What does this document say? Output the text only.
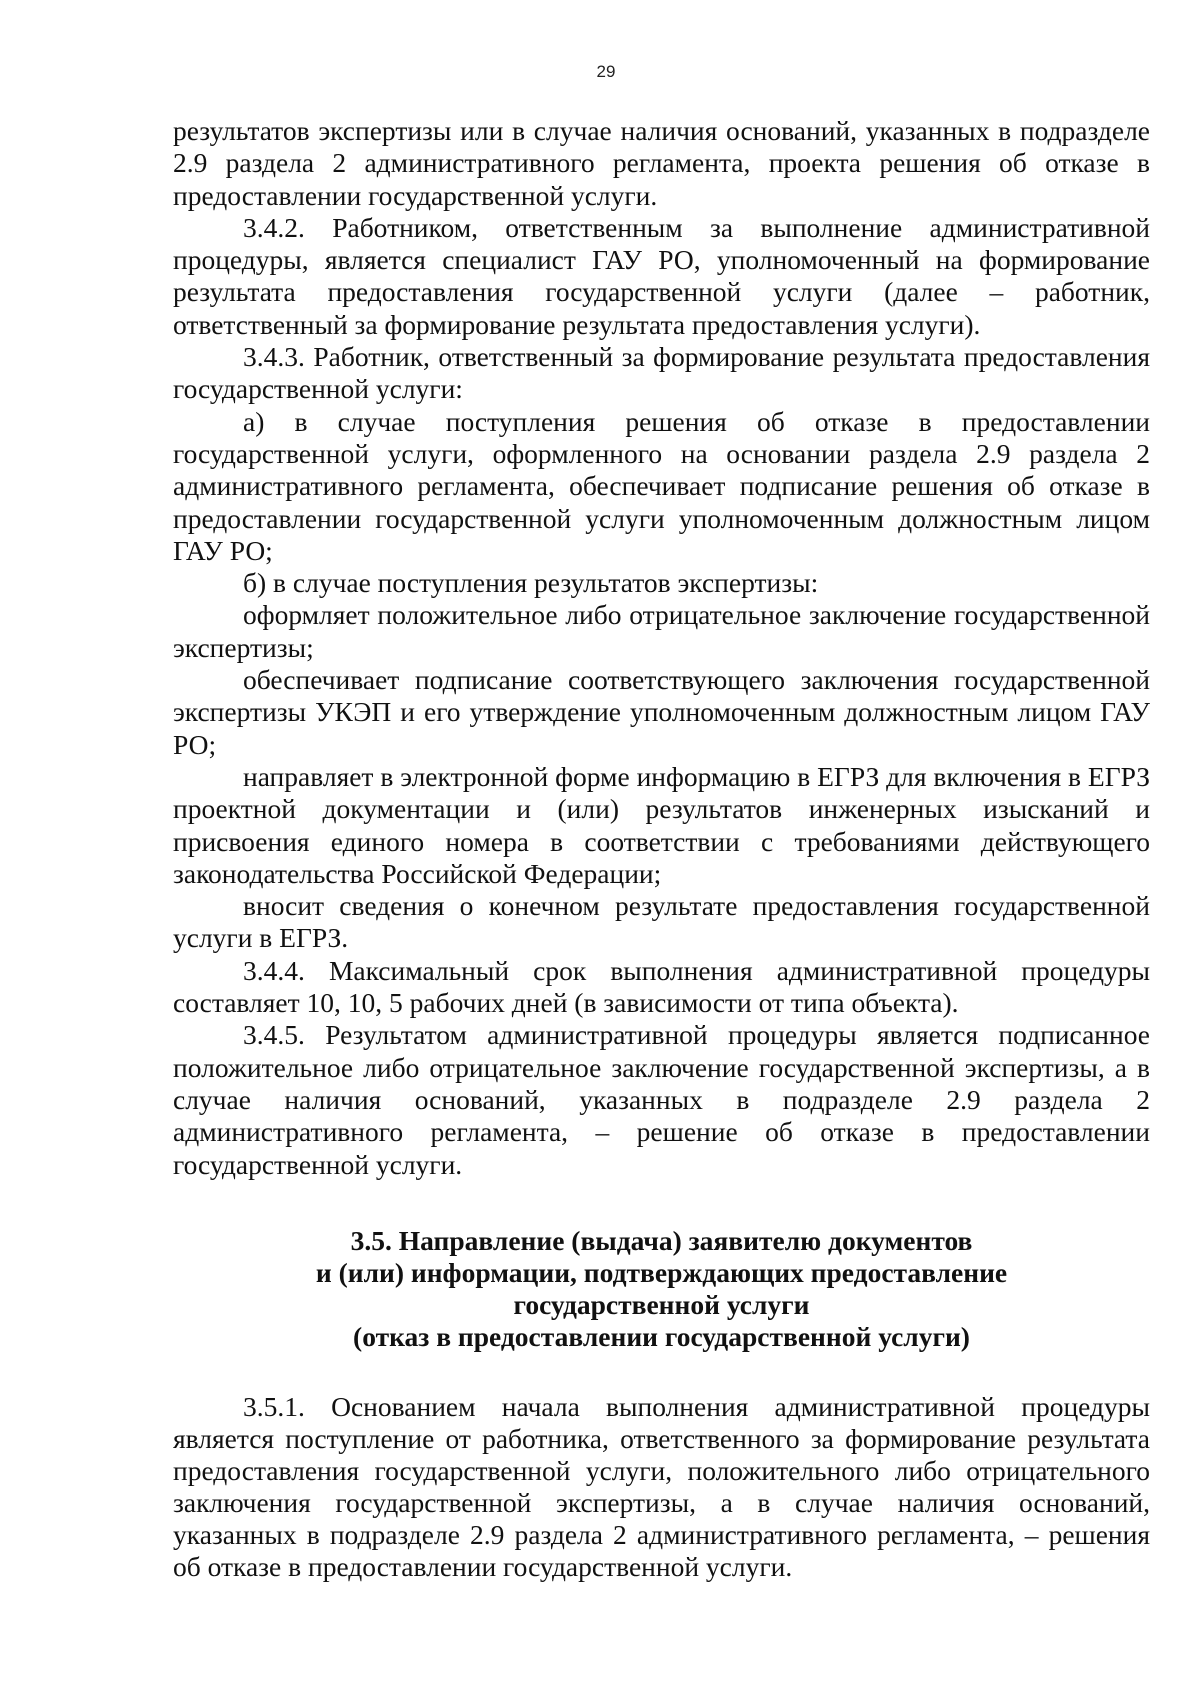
29

результатов экспертизы или в случае наличия оснований, указанных в подразделе 2.9 раздела 2 административного регламента, проекта решения об отказе в предоставлении государственной услуги.

3.4.2. Работником, ответственным за выполнение административной процедуры, является специалист ГАУ РО, уполномоченный на формирование результата предоставления государственной услуги (далее – работник, ответственный за формирование результата предоставления услуги).

3.4.3. Работник, ответственный за формирование результата предоставления государственной услуги:

а) в случае поступления решения об отказе в предоставлении государственной услуги, оформленного на основании раздела 2.9 раздела 2 административного регламента, обеспечивает подписание решения об отказе в предоставлении государственной услуги уполномоченным должностным лицом ГАУ РО;

б) в случае поступления результатов экспертизы:

оформляет положительное либо отрицательное заключение государственной экспертизы;

обеспечивает подписание соответствующего заключения государственной экспертизы УКЭП и его утверждение уполномоченным должностным лицом ГАУ РО;

направляет в электронной форме информацию в ЕГРЗ для включения в ЕГРЗ проектной документации и (или) результатов инженерных изысканий и присвоения единого номера в соответствии с требованиями действующего законодательства Российской Федерации;

вносит сведения о конечном результате предоставления государственной услуги в ЕГРЗ.

3.4.4. Максимальный срок выполнения административной процедуры составляет 10, 10, 5 рабочих дней (в зависимости от типа объекта).

3.4.5. Результатом административной процедуры является подписанное положительное либо отрицательное заключение государственной экспертизы, а в случае наличия оснований, указанных в подразделе 2.9 раздела 2 административного регламента, – решение об отказе в предоставлении государственной услуги.

3.5. Направление (выдача) заявителю документов
и (или) информации, подтверждающих предоставление
государственной услуги
(отказ в предоставлении государственной услуги)

3.5.1. Основанием начала выполнения административной процедуры является поступление от работника, ответственного за формирование результата предоставления государственной услуги, положительного либо отрицательного заключения государственной экспертизы, а в случае наличия оснований, указанных в подразделе 2.9 раздела 2 административного регламента, – решения об отказе в предоставлении государственной услуги.
